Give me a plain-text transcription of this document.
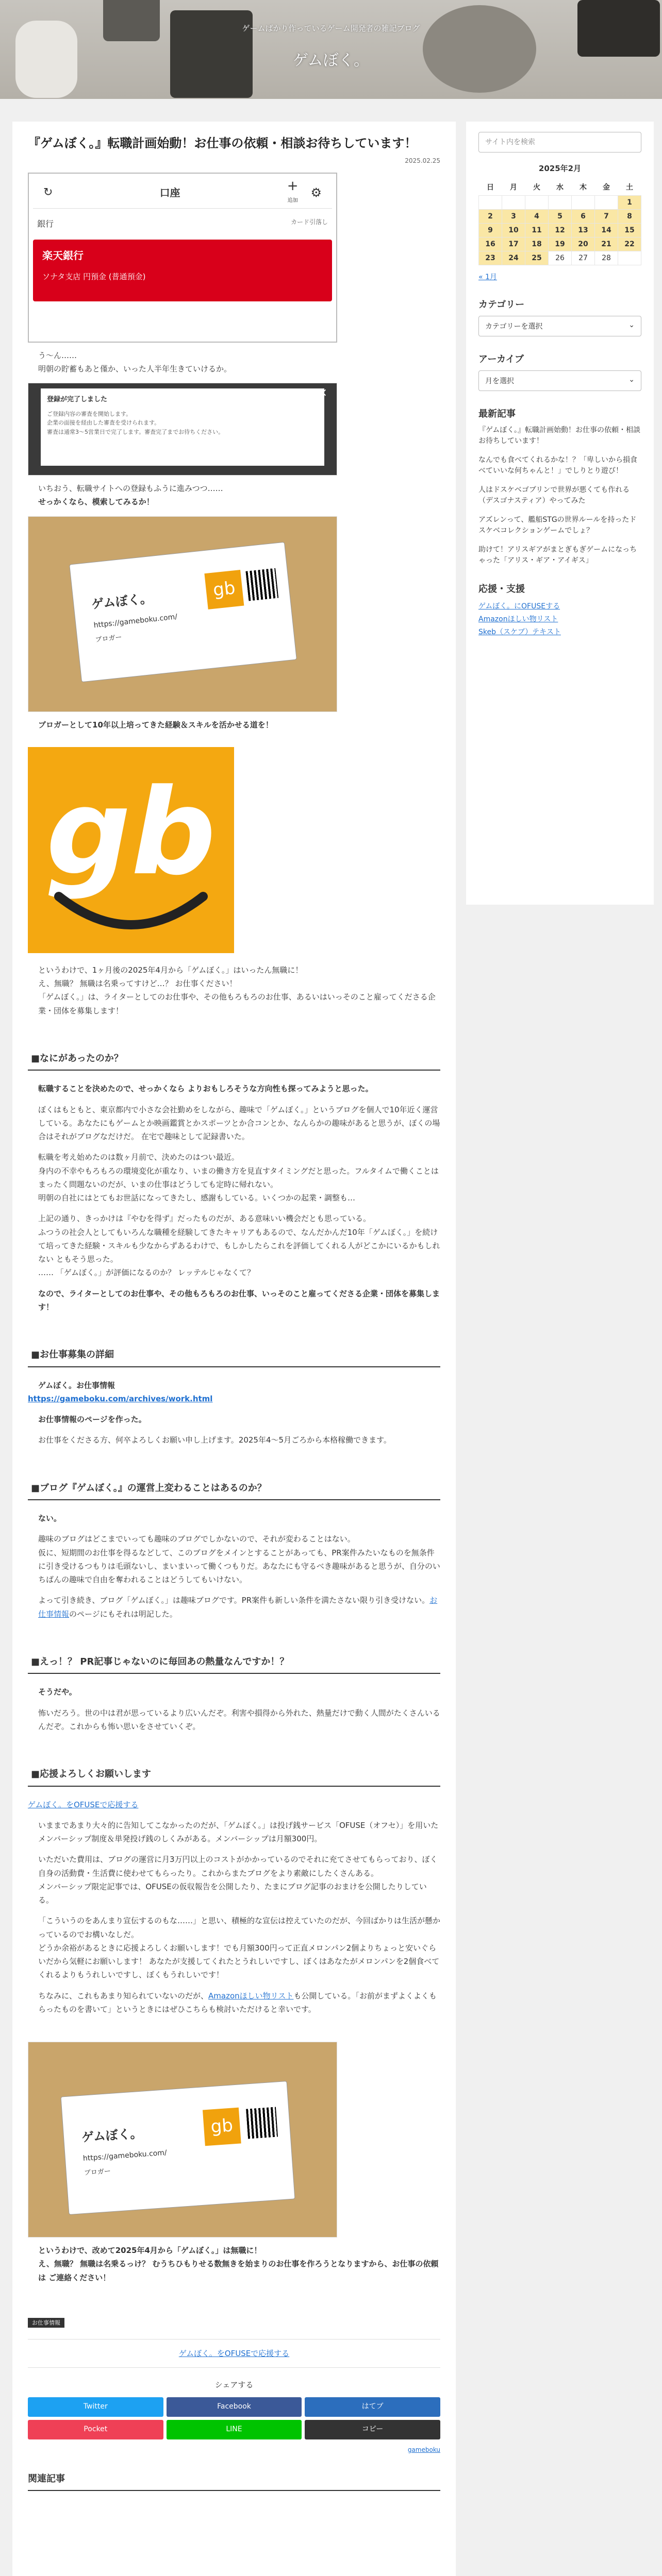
ゲームばかり作っているゲーム開発者の雑記ブログ
ゲムぼく。
『ゲムぼく。』転職計画始動！お仕事の依頼・相談お待ちしています！
2025.02.25
↻	口座	+
追加
⚙
銀行	カード引落し
楽天銀行
ソナタ支店 円預金 (普通預金)

う～ん……
明朝の貯蓄もあと僅か、いった人半年生きていけるか。

登録が完了しました
ご登録内容の審査を開始します。
企業の面接を経由した審査を受けられます。
審査は通常3～5営業日で完了します。審査完了までお待ちください。
×

いちおう、転職サイトへの登録もふうに進みつつ……

せっかくなら、模索してみるか！

ゲムぼく。
https://gameboku.com/
ブロガー
gb

ブロガーとして10年以上培ってきた経験＆スキルを活かせる道を！

gb

というわけで、1ヶ月後の2025年4月から「ゲムぼく。」はいったん無職に！
え、無職？ 無職は名乗ってすけど…？ お仕事ください！
「ゲムぼく。」は、ライターとしてのお仕事や、その他もろもろのお仕事、あるいはいっそのこと雇ってくださる企業・団体を募集します！

■なにがあったのか？

転職することを決めたので、せっかくなら よりおもしろそうな方向性も探ってみようと思った。

ぼくはもともと、東京都内で小さな会社勤めをしながら、趣味で「ゲムぼく。」というブログを個人で10年近く運営している。あなたにもゲームとか映画鑑賞とかスポーツとか合コンとか、なんらかの趣味があると思うが、ぼくの場合はそれがブログなだけだ。 在宅で趣味として記録書いた。

転職を考え始めたのは数ヶ月前で、決めたのはつい最近。
身内の不幸やもろもろの環境変化が重なり、いまの働き方を見直すタイミングだと思った。フルタイムで働くことはまったく問題ないのだが、いまの仕事はどうしても定時に帰れない。
明朝の自社にはとてもお世話になってきたし、感謝もしている。いくつかの起業・調整も…

上記の通り、きっかけは『やむを得ず』だったものだが、ある意味いい機会だとも思っている。
ふつうの社会人としてもいろんな職種を経験してきたキャリアもあるので、なんだかんだ10年「ゲムぼく。」を続けて培ってきた経験・スキルも少なからずあるわけで、もしかしたらこれを評価してくれる人がどこかにいるかもしれない ともそう思った。
…… 「ゲムぼく。」が評価になるのか？ レッテルじゃなくて？

なので、ライターとしてのお仕事や、その他もろもろのお仕事、いっそのこと雇ってくださる企業・団体を募集します！

■お仕事募集の詳細

ゲムぼく。お仕事情報

https://gameboku.com/archives/work.html

お仕事情報のページを作った。

お仕事をくださる方、何卒よろしくお願い申し上げます。2025年4～5月ごろから本格稼働できます。

■ブログ『ゲムぼく。』の運営上変わることはあるのか？

ない。

趣味のブログはどこまでいっても趣味のブログでしかないので、それが変わることはない。
仮に、短期間のお仕事を得るなどして、このブログをメインとすることがあっても、PR案件みたいなものを無条件に引き受けるつもりは毛頭ないし、まいまいって働くつもりだ。あなたにも守るべき趣味があると思うが、自分のいちばんの趣味で自由を奪われることはどうしてもいけない。

よって引き続き、ブログ「ゲムぼく。」は趣味ブログです。PR案件も新しい条件を満たさない限り引き受けない。お仕事情報のページにもそれは明記した。

■えっ！？ PR記事じゃないのに毎回あの熱量なんですか！？

そうだや。

怖いだろう。世の中は君が思っているより広いんだぞ。利害や損得から外れた、熱量だけで動く人間がたくさんいるんだぞ。これからも怖い思いをさせていくぞ。

■応援よろしくお願いします

ゲムぼく。をOFUSEで応援する

いままであまり大々的に告知してこなかったのだが、「ゲムぼく。」は投げ銭サービス「OFUSE（オフセ）」を用いたメンバーシップ制度＆単発投げ銭のしくみがある。メンバーシップは月額300円。

いただいた費用は、ブログの運営に月3万円以上のコストがかかっているのでそれに充てさせてもらっており、ぼく自身の活動費・生活費に使わせてもらったり。これからまたブログをより素敵にしたくさんある。
メンバーシップ限定記事では、OFUSEの仮収報告を公開したり、たまにブログ記事のおまけを公開したりしている。

「こういうのをあんまり宣伝するのもな……」と思い、積極的な宣伝は控えていたのだが、今回ばかりは生活が懸かっているのでお構いなしだ。
どうか余裕があるときに応援よろしくお願いします！でも月額300円って正直メロンパン2個よりちょっと安いぐらいだから気軽にお願いします！ あなたが支援してくれたとうれしいですし、ぼくはあなたがメロンパンを2個食べてくれるよりもうれしいですし、ぼくもうれしいです！

ちなみに、これもあまり知られていないのだが、Amazonほしい物リストも公開している。「お前がまずよくよくもらったものを書いて」というときにはぜひこちらも検討いただけると幸いです。

ゲムぼく。
https://gameboku.com/
ブロガー
gb

というわけで、改めて2025年4月から「ゲムぼく。」は無職に！
え、無職？ 無職は名乗るっけ？ むうちひもりせる数無きを始まりのお仕事を作ろうとなりますから、お仕事の依頼は ご連絡ください！

お仕事情報
ゲムぼく。をOFUSEで応援する
シェアする
Twitter	Facebook	はてブ
Pocket	LINE	コピー
gameboku
関連記事
サイト内を検索
2025年2月
日	月	火	水	木	金	土
						1
2	3	4	5	6	7	8
9	10	11	12	13	14	15
16	17	18	19	20	21	22
23	24	25	26	27	28	
« 1月
カテゴリー
カテゴリーを選択	⌄
アーカイブ
月を選択	⌄
最新記事
『ゲムぼく。』転職計画始動！お仕事の依頼・相談お待ちしています！
なんでも食べてくれるかな！？「卑しいから損食べていいな何ちゃんと！」でしりとり遊び！
人はドスケベゴブリンで世界が悪くても作れる（デスゴナスティア）やってみた
アズレンって、艦船STGの世界ルールを持ったドスケベコレクションゲームでしょ？
助けて！アリスギアがまとぎもぎゲームになっちゃった「アリス・ギア・アイギス」
応援・支援
ゲムぼく。にOFUSEする
Amazonほしい物リスト
Skeb（スケブ）テキスト
